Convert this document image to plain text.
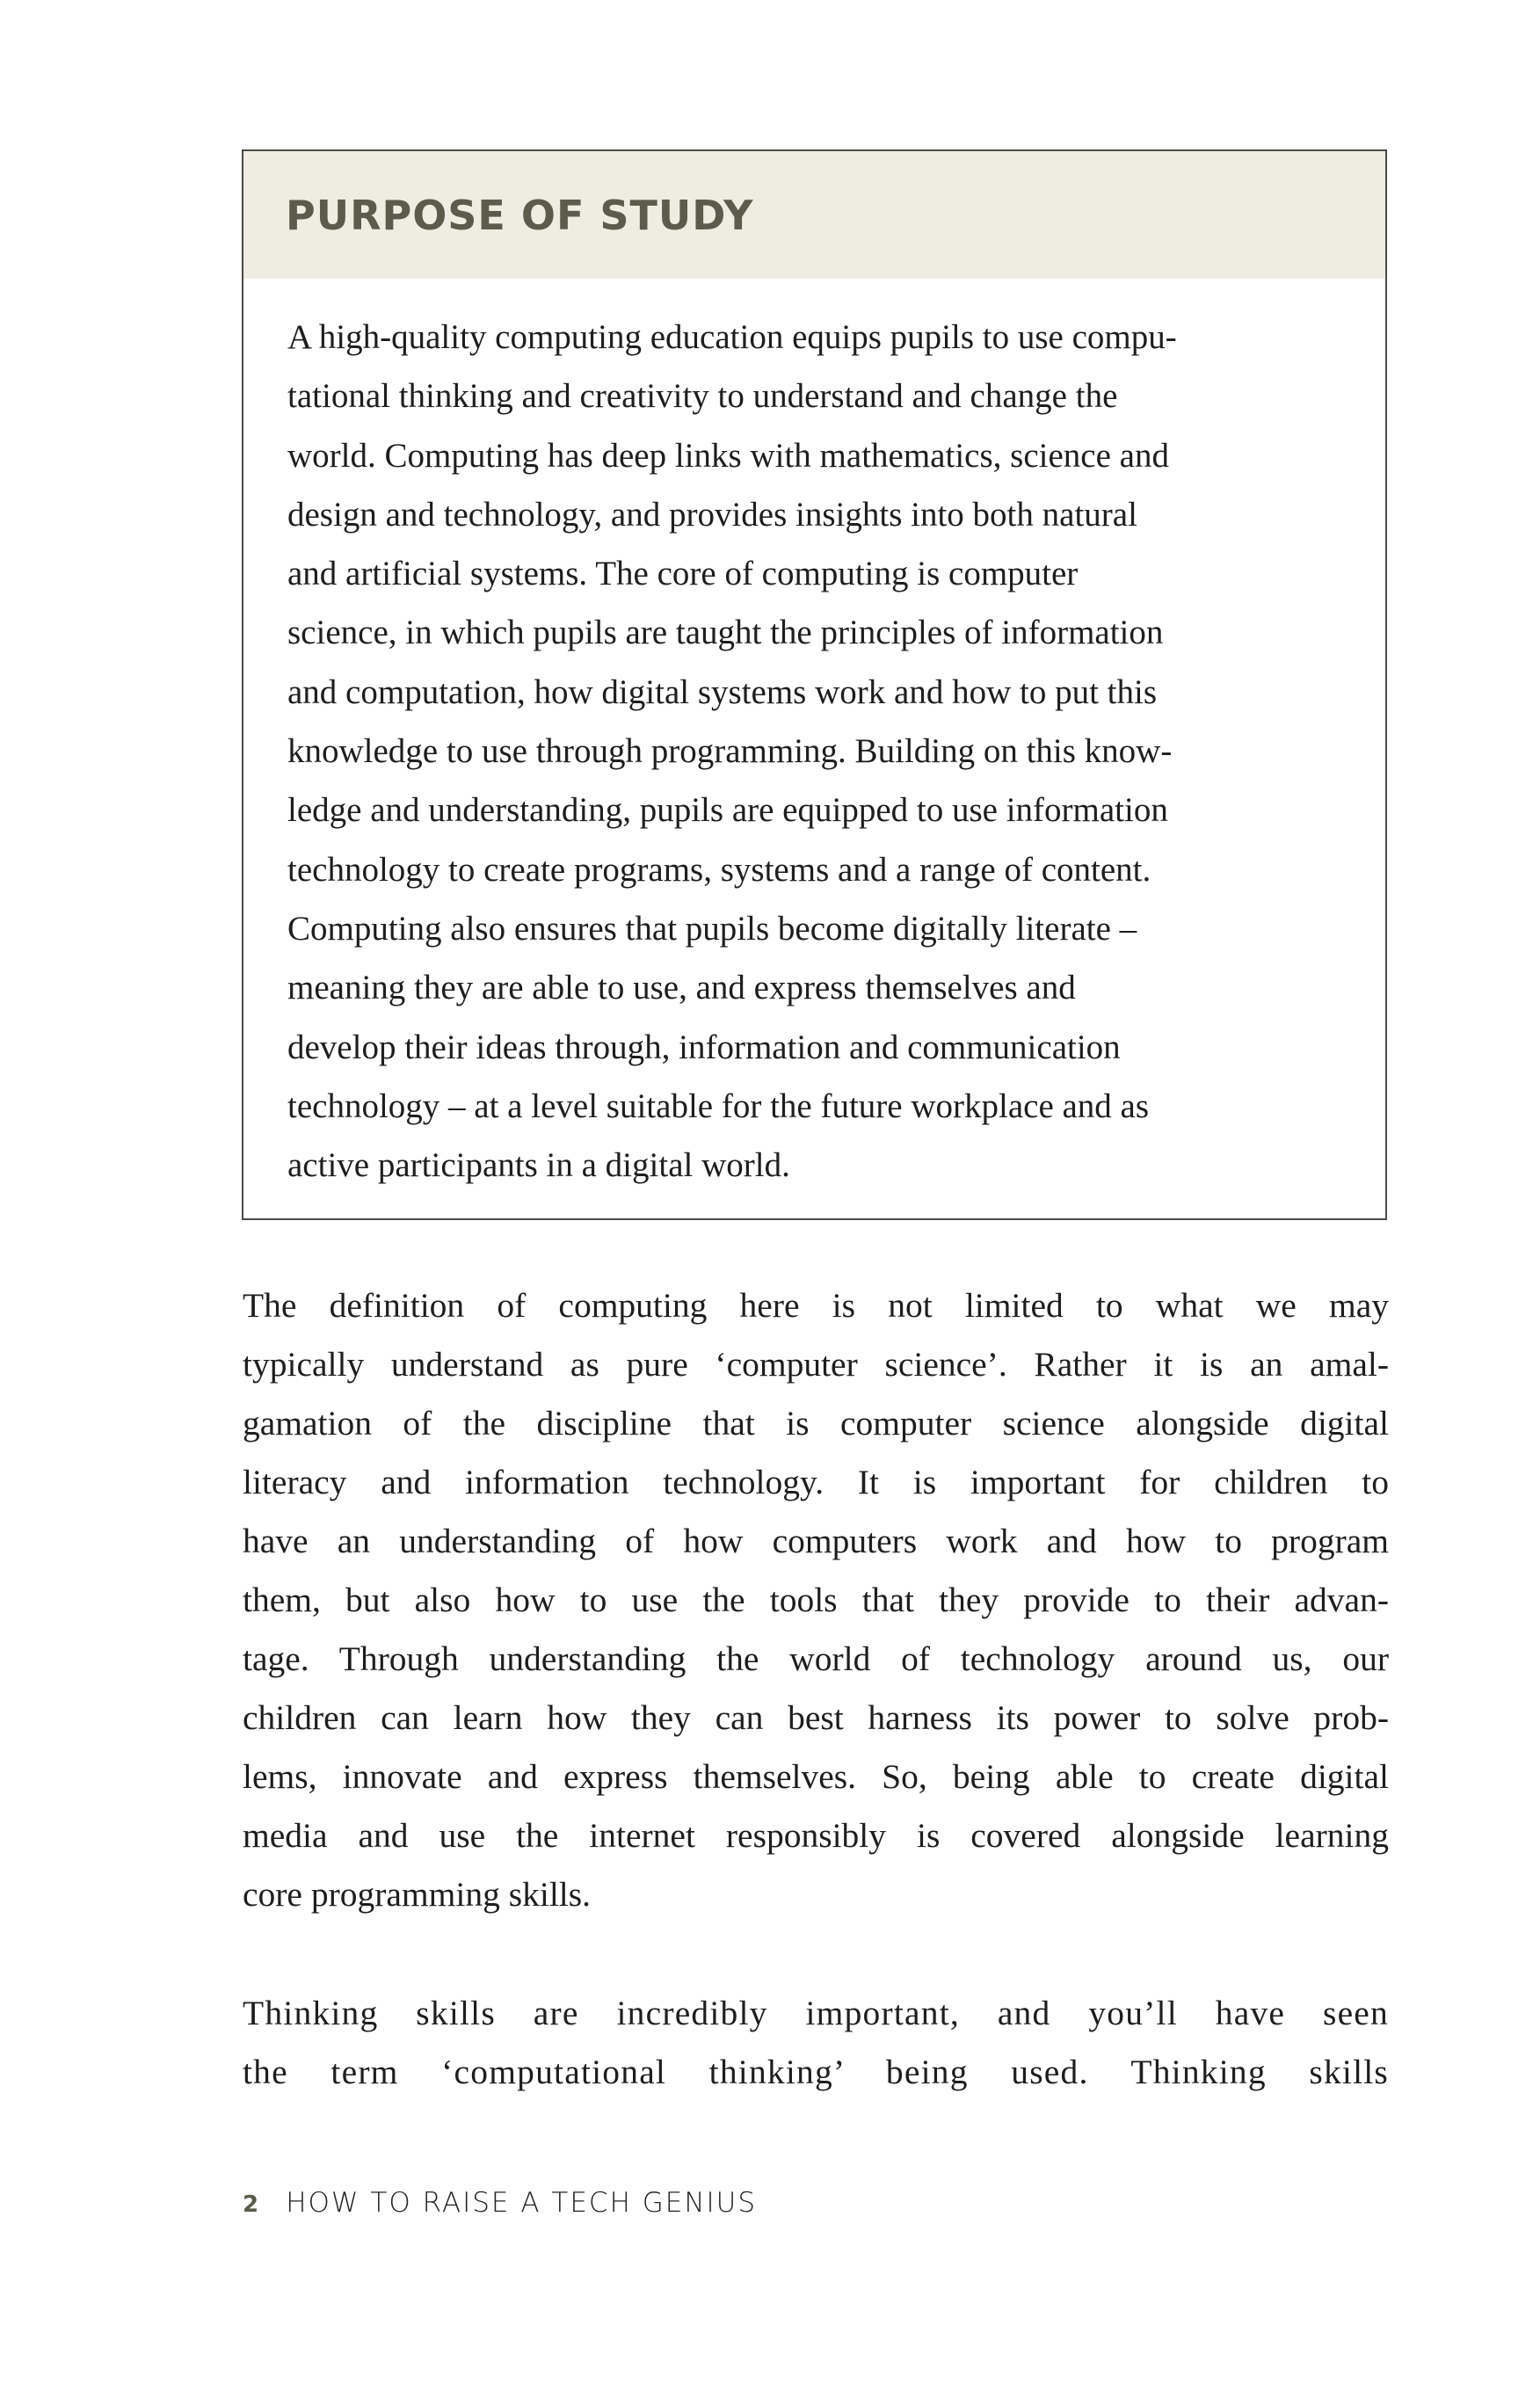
PURPOSE OF STUDY
A high-quality computing education equips pupils to use compu-
tational thinking and creativity to understand and change the
world. Computing has deep links with mathematics, science and
design and technology, and provides insights into both natural
and artificial systems. The core of computing is computer
science, in which pupils are taught the principles of information
and computation, how digital systems work and how to put this
knowledge to use through programming. Building on this know-
ledge and understanding, pupils are equipped to use information
technology to create programs, systems and a range of content.
Computing also ensures that pupils become digitally literate –
meaning they are able to use, and express themselves and
develop their ideas through, information and communication
technology – at a level suitable for the future workplace and as
active participants in a digital world.
The definition of computing here is not limited to what we may
typically understand as pure ‘computer science’. Rather it is an amal-
gamation of the discipline that is computer science alongside digital
literacy and information technology. It is important for children to
have an understanding of how computers work and how to program
them, but also how to use the tools that they provide to their advan-
tage. Through understanding the world of technology around us, our
children can learn how they can best harness its power to solve prob-
lems, innovate and express themselves. So, being able to create digital
media and use the internet responsibly is covered alongside learning
core programming skills.
Thinking skills are incredibly important, and you’ll have seen
the term ‘computational thinking’ being used. Thinking skills
2 HOW TO RAISE A TECH GENIUS
